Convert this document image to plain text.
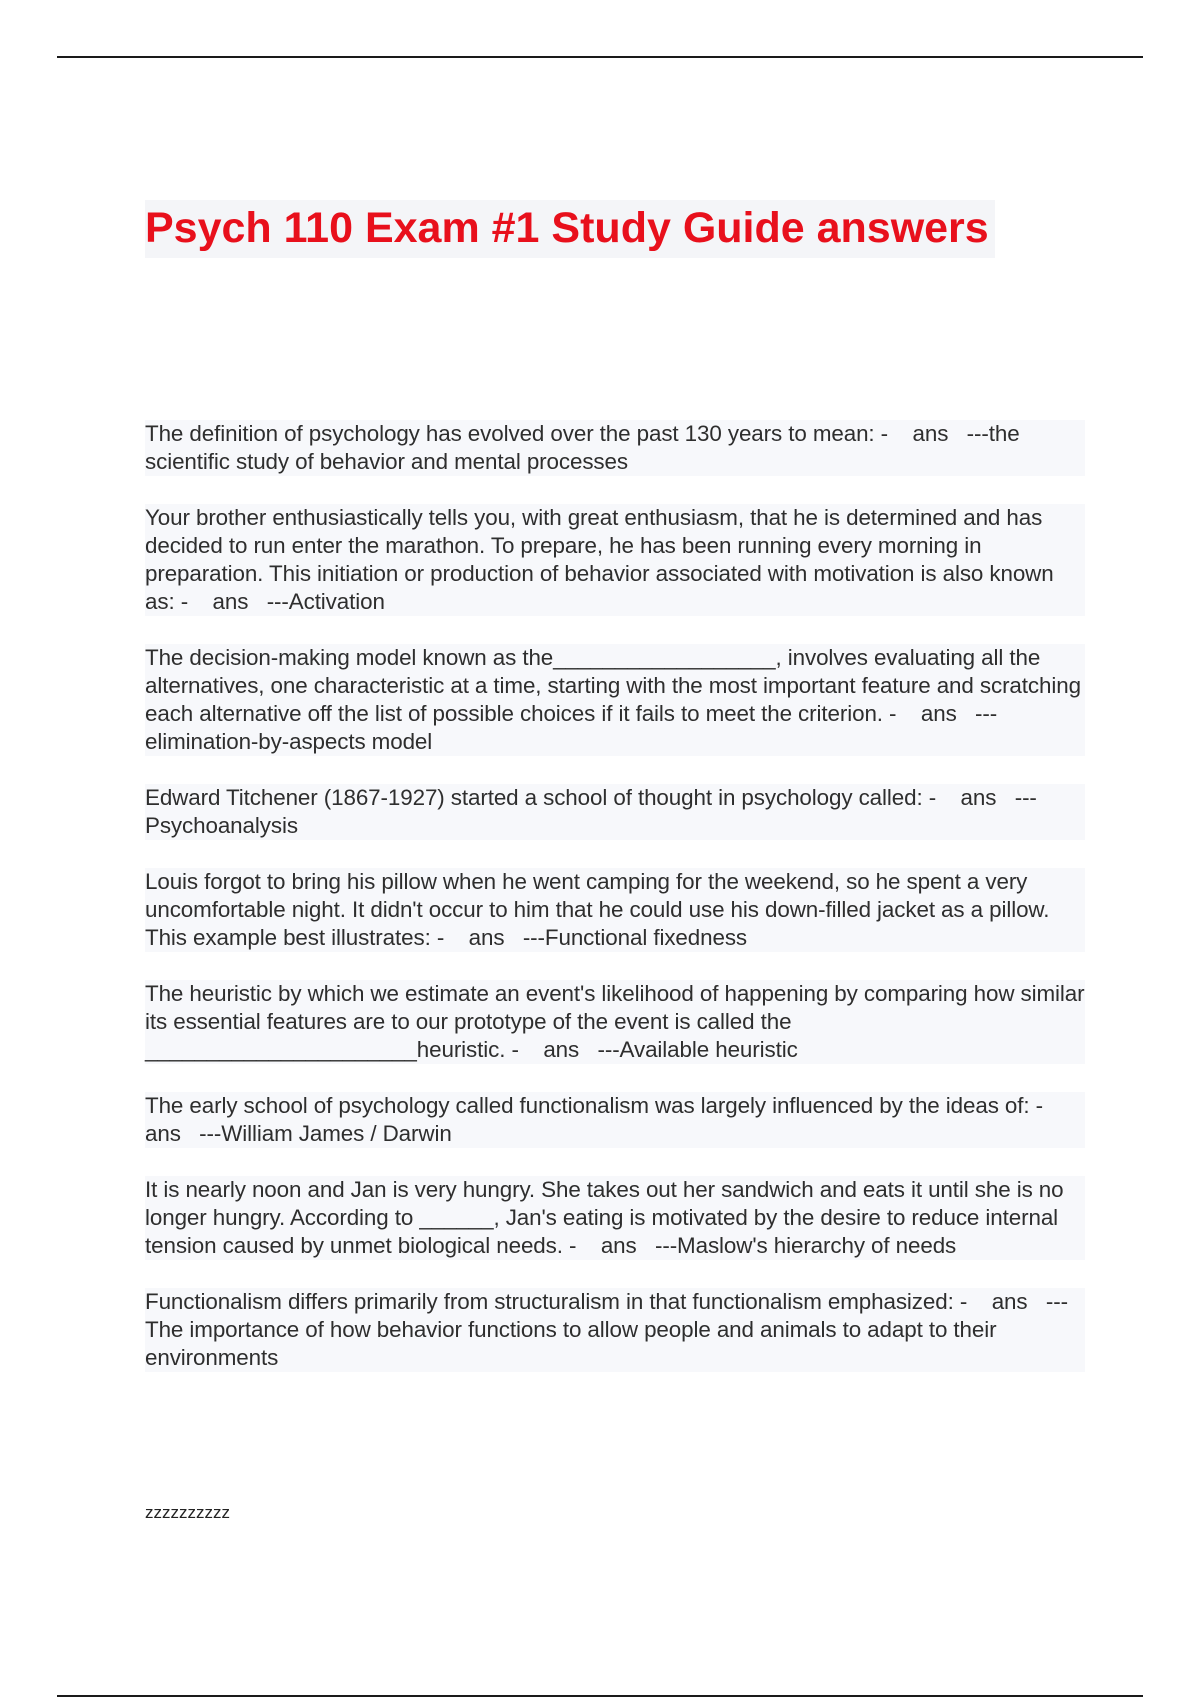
Psych 110 Exam #1 Study Guide answers

The definition of psychology has evolved over the past 130 years to mean: -    ans   ---the scientific study of behavior and mental processes

Your brother enthusiastically tells you, with great enthusiasm, that he is determined and has decided to run enter the marathon. To prepare, he has been running every morning in preparation. This initiation or production of behavior associated with motivation is also known as: -    ans   ---Activation

The decision-making model known as the__________________, involves evaluating all the alternatives, one characteristic at a time, starting with the most important feature and scratching each alternative off the list of possible choices if it fails to meet the criterion. -    ans   ---elimination-by-aspects model

Edward Titchener (1867-1927) started a school of thought in psychology called: -    ans   ---Psychoanalysis

Louis forgot to bring his pillow when he went camping for the weekend, so he spent a very uncomfortable night. It didn't occur to him that he could use his down-filled jacket as a pillow. This example best illustrates: -    ans   ---Functional fixedness

The heuristic by which we estimate an event's likelihood of happening by comparing how similar its essential features are to our prototype of the event is called the ______________________heuristic. -    ans   ---Available heuristic

The early school of psychology called functionalism was largely influenced by the ideas of: -    ans   ---William James / Darwin

It is nearly noon and Jan is very hungry. She takes out her sandwich and eats it until she is no longer hungry. According to ______, Jan's eating is motivated by the desire to reduce internal tension caused by unmet biological needs. -    ans   ---Maslow's hierarchy of needs

Functionalism differs primarily from structuralism in that functionalism emphasized: -    ans   ---The importance of how behavior functions to allow people and animals to adapt to their environments

zzzzzzzzzz
